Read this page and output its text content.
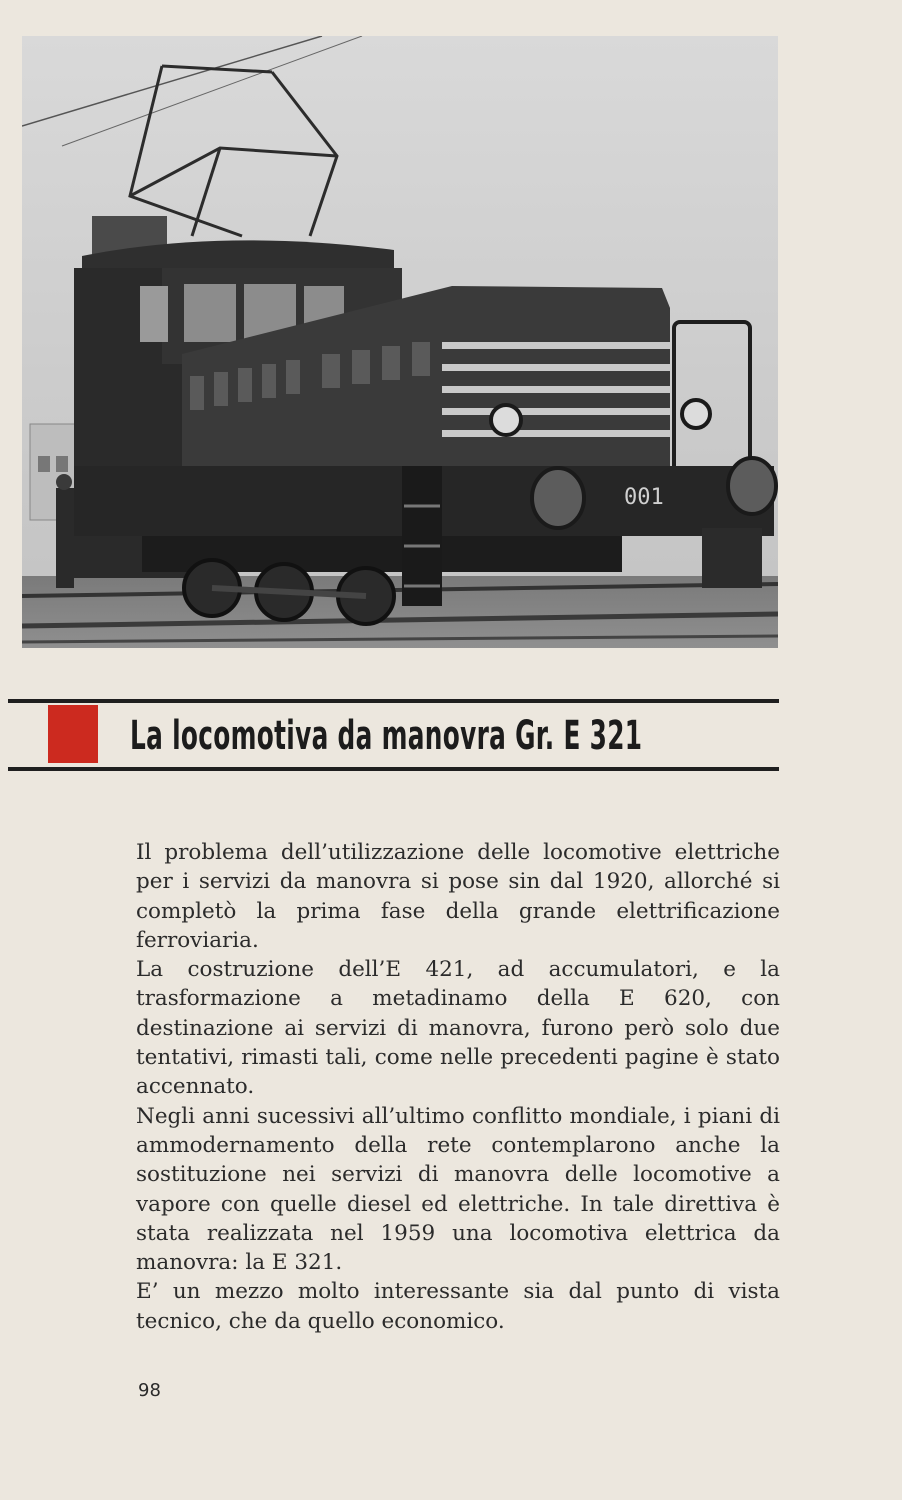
001
La locomotiva da manovra Gr. E 321

Il problema dell’utilizzazione delle locomotive elettriche per i servizi da manovra si pose sin dal 1920, allorché si completò la prima fase della grande elettrificazione ferroviaria.

La costruzione dell’E 421, ad accumulatori, e la trasformazione a metadinamo della E 620, con destinazione ai servizi di manovra, furono però solo due tentativi, rimasti tali, come nelle precedenti pagine è stato accennato.

Negli anni sucessivi all’ultimo conflitto mondiale, i piani di ammodernamento della rete contemplarono anche la sostituzione nei servizi di manovra delle locomotive a vapore con quelle diesel ed elettriche. In tale direttiva è stata realizzata nel 1959 una locomotiva elettrica da manovra: la E 321.

E’ un mezzo molto interessante sia dal punto di vista tecnico, che da quello economico.

98
